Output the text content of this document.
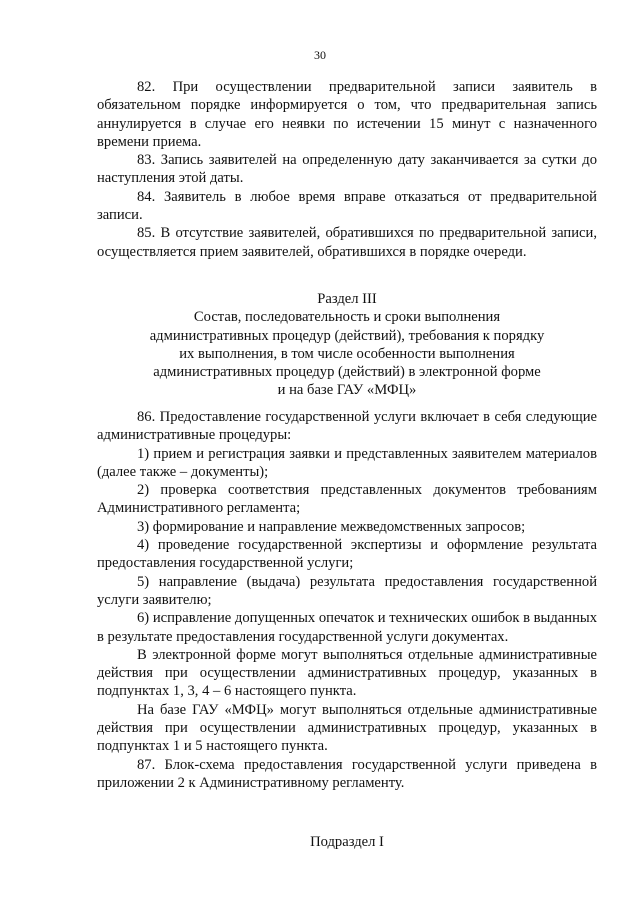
30

82. При осуществлении предварительной записи заявитель в обязательном порядке информируется о том, что предварительная запись аннулируется в случае его неявки по истечении 15 минут с назначенного времени приема.

83. Запись заявителей на определенную дату заканчивается за сутки до наступления этой даты.

84. Заявитель в любое время вправе отказаться от предварительной записи.

85. В отсутствие заявителей, обратившихся по предварительной записи, осуществляется прием заявителей, обратившихся в порядке очереди.

Раздел III
Состав, последовательность и сроки выполнения
административных процедур (действий), требования к порядку
их выполнения, в том числе особенности выполнения
административных процедур (действий) в электронной форме
и на базе ГАУ «МФЦ»

86. Предоставление государственной услуги включает в себя следующие административные процедуры:

1) прием и регистрация заявки и представленных заявителем материалов (далее также – документы);

2) проверка соответствия представленных документов требованиям Административного регламента;

3) формирование и направление межведомственных запросов;

4) проведение государственной экспертизы и оформление результата предоставления государственной услуги;

5) направление (выдача) результата предоставления государственной услуги заявителю;

6) исправление допущенных опечаток и технических ошибок в выданных в результате предоставления государственной услуги документах.

В электронной форме могут выполняться отдельные административные действия при осуществлении административных процедур, указанных в подпунктах 1, 3, 4 – 6 настоящего пункта.

На базе ГАУ «МФЦ» могут выполняться отдельные административные действия при осуществлении административных процедур, указанных в подпунктах 1 и 5 настоящего пункта.

87. Блок-схема предоставления государственной услуги приведена в приложении 2 к Административному регламенту.

Подраздел I
